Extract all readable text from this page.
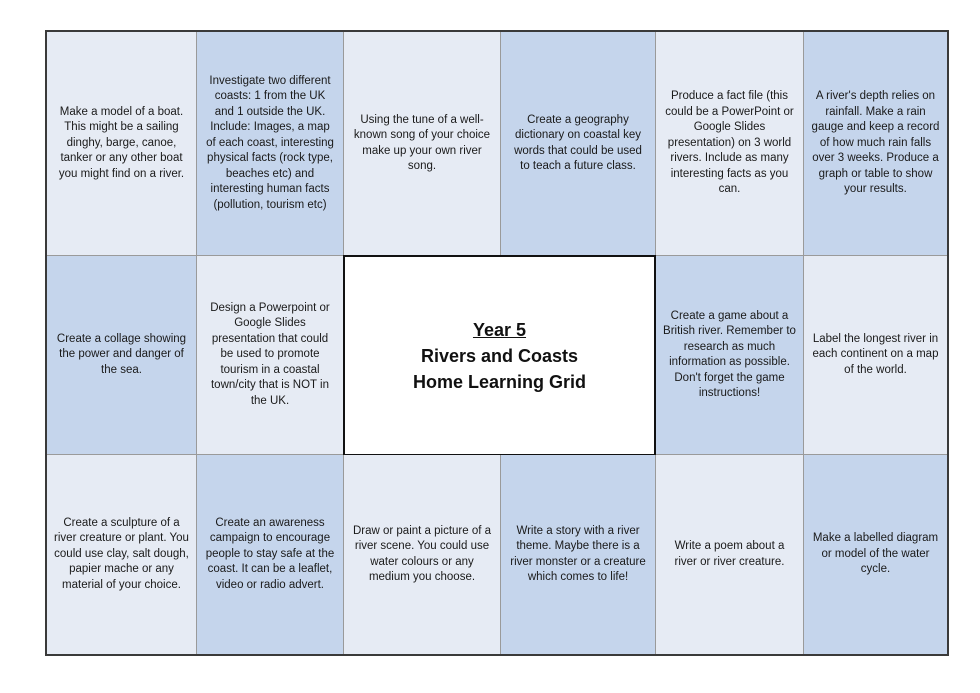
Make a model of a boat. This might be a sailing dinghy, barge, canoe, tanker or any other boat you might find on a river.
Investigate two different coasts: 1 from the UK and 1 outside the UK. Include: Images, a map of each coast, interesting physical facts (rock type, beaches etc) and interesting human facts (pollution, tourism etc)
Using the tune of a well-known song of your choice make up your own river song.
Create a geography dictionary on coastal key words that could be used to teach a future class.
Produce a fact file (this could be a PowerPoint or Google Slides presentation) on 3 world rivers. Include as many interesting facts as you can.
A river's depth relies on rainfall. Make a rain gauge and keep a record of how much rain falls over 3 weeks. Produce a graph or table to show your results.
Create a collage showing the power and danger of the sea.
Design a Powerpoint or Google Slides presentation that could be used to promote tourism in a coastal town/city that is NOT in the UK.
Year 5
Rivers and Coasts
Home Learning Grid
Create a game about a British river. Remember to research as much information as possible. Don't forget the game instructions!
Label the longest river in each continent on a map of the world.
Create a sculpture of a river creature or plant. You could use clay, salt dough, papier mache or any material of your choice.
Create an awareness campaign to encourage people to stay safe at the coast. It can be a leaflet, video or radio advert.
Draw or paint a picture of a river scene. You could use water colours or any medium you choose.
Write a story with a river theme. Maybe there is a river monster or a creature which comes to life!
Write a poem about a river or river creature.
Make a labelled diagram or model of the water cycle.
